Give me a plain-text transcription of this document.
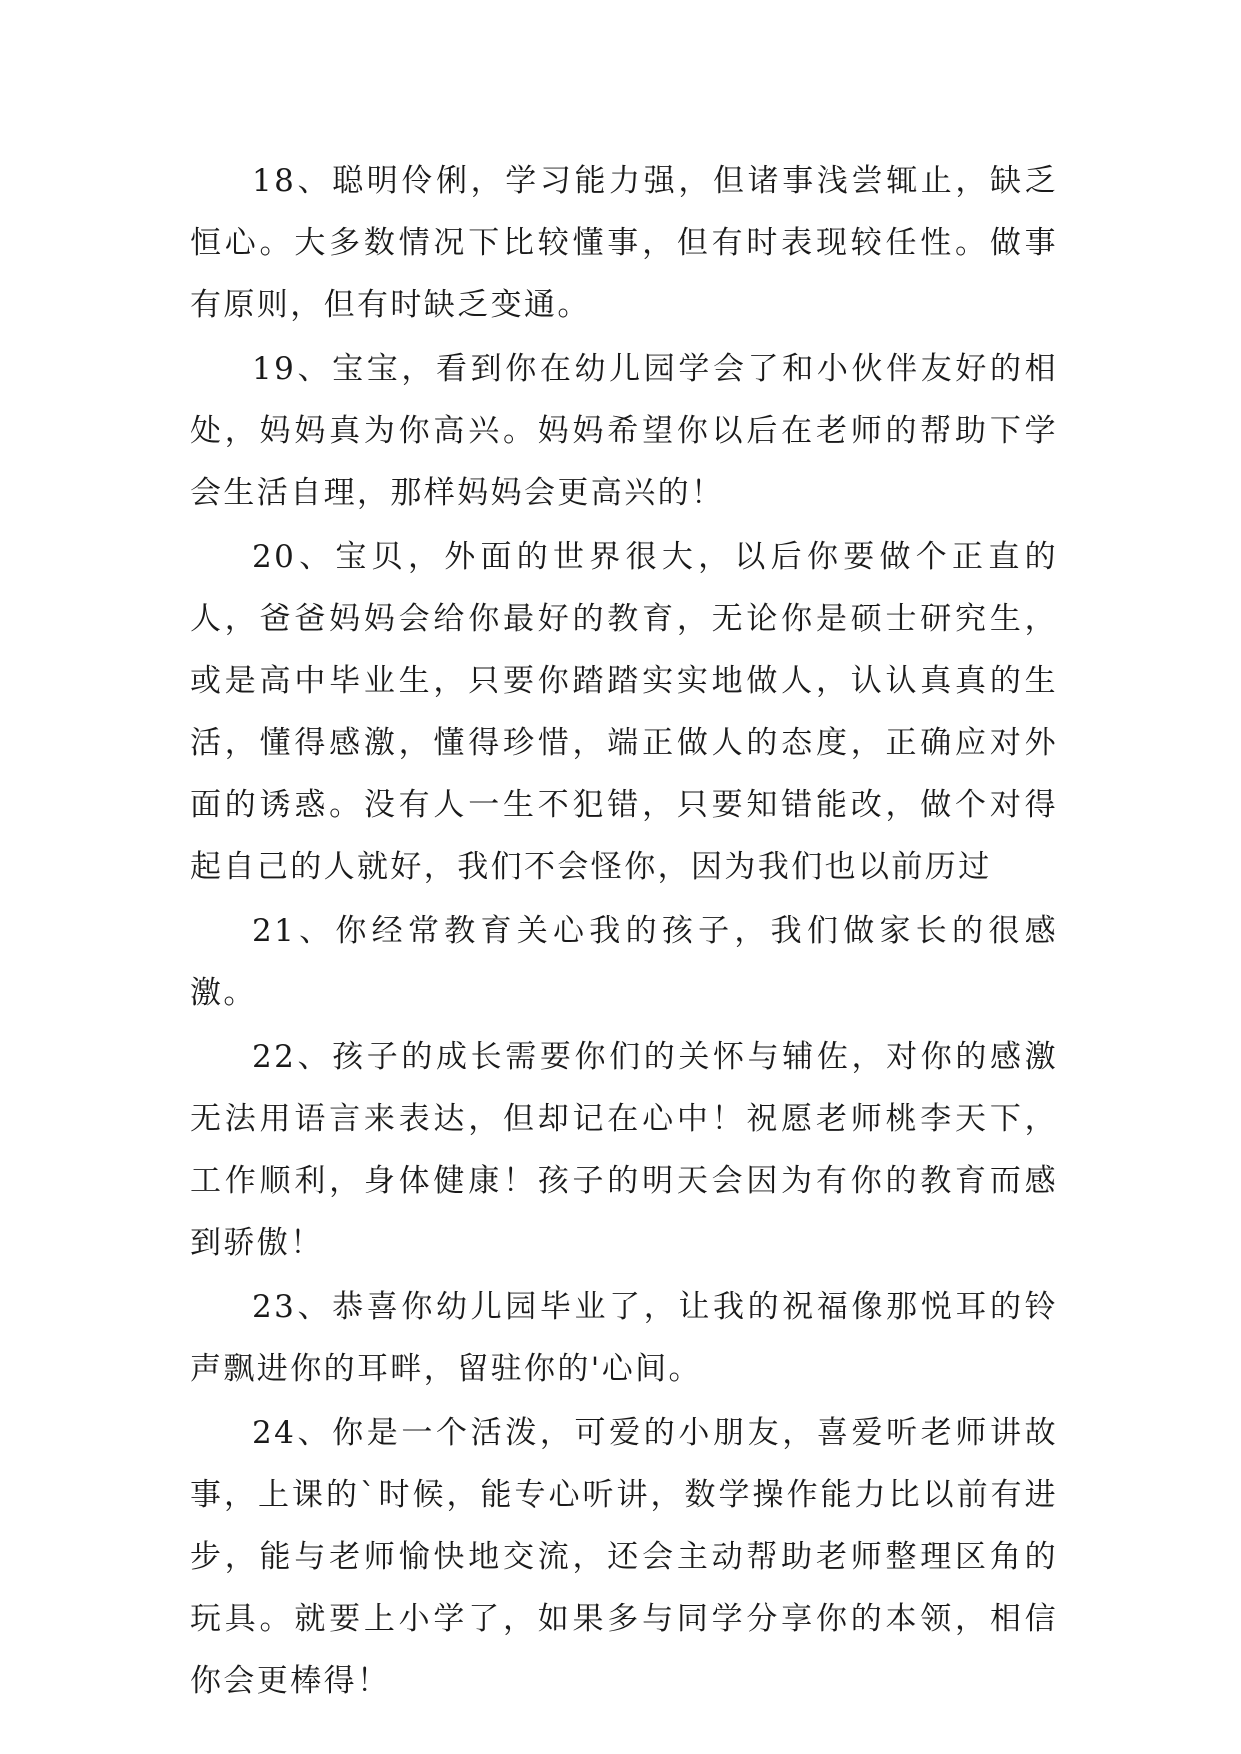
18、聪明伶俐，学习能力强，但诸事浅尝辄止，缺乏恒心。大多数情况下比较懂事，但有时表现较任性。做事有原则，但有时缺乏变通。

19、宝宝，看到你在幼儿园学会了和小伙伴友好的相处，妈妈真为你高兴。妈妈希望你以后在老师的帮助下学会生活自理，那样妈妈会更高兴的！

20、宝贝，外面的世界很大，以后你要做个正直的人，爸爸妈妈会给你最好的教育，无论你是硕士研究生，或是高中毕业生，只要你踏踏实实地做人，认认真真的生活，懂得感激，懂得珍惜，端正做人的态度，正确应对外面的诱惑。没有人一生不犯错，只要知错能改，做个对得起自己的人就好，我们不会怪你，因为我们也以前历过

21、你经常教育关心我的孩子，我们做家长的很感激。

22、孩子的成长需要你们的关怀与辅佐，对你的感激无法用语言来表达，但却记在心中！祝愿老师桃李天下，工作顺利，身体健康！孩子的明天会因为有你的教育而感到骄傲！

23、恭喜你幼儿园毕业了，让我的祝福像那悦耳的铃声飘进你的耳畔，留驻你的'心间。

24、你是一个活泼，可爱的小朋友，喜爱听老师讲故事，上课的`时候，能专心听讲，数学操作能力比以前有进步，能与老师愉快地交流，还会主动帮助老师整理区角的玩具。就要上小学了，如果多与同学分享你的本领，相信你会更棒得！
